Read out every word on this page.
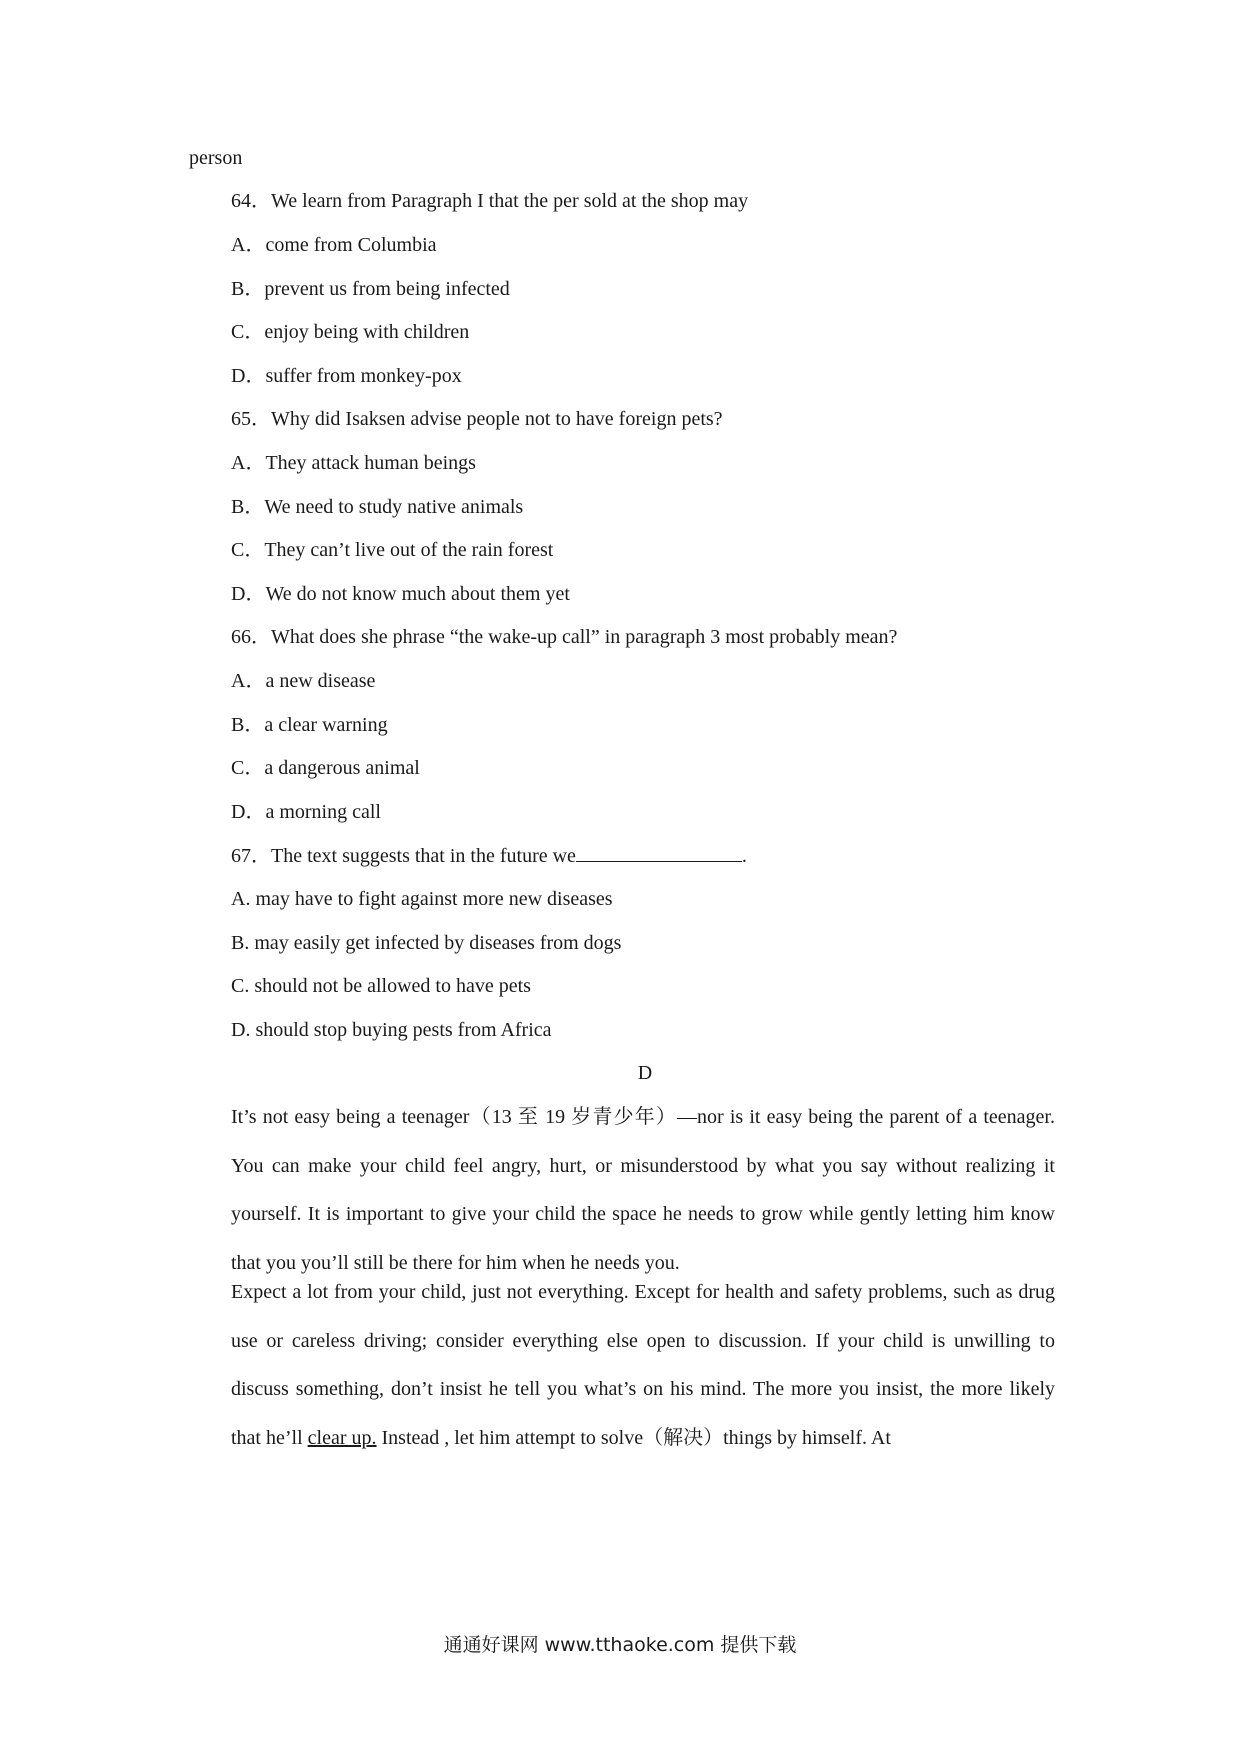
person
64．We learn from Paragraph I that the per sold at the shop may
A．come from Columbia
B．prevent us from being infected
C．enjoy being with children
D．suffer from monkey-pox
65．Why did Isaksen advise people not to have foreign pets?
A．They attack human beings
B．We need to study native animals
C．They can’t live out of the rain forest
D．We do not know much about them yet
66．What does she phrase “the wake-up call” in paragraph 3 most probably mean?
A．a new disease
B．a clear warning
C．a dangerous animal
D．a morning call
67．The text suggests that in the future we	.
A. may have to fight against more new diseases
B. may easily get infected by diseases from dogs
C. should not be allowed to have pets
D. should stop buying pests from Africa
D
It’s not easy being a teenager（13 至 19 岁青少年）—nor is it easy being the parent of a teenager. You can make your child feel angry, hurt, or misunderstood by what you say without realizing it yourself. It is important to give your child the space he needs to grow while gently letting him know that you you’ll still be there for him when he needs you.
Expect a lot from your child, just not everything. Except for health and safety problems, such as drug use or careless driving; consider everything else open to discussion. If your child is unwilling to discuss something, don’t insist he tell you what’s on his mind. The more you insist, the more likely that he’ll clear up. Instead , let him attempt to solve（解决）things by himself. At
通通好课网 www.tthaoke.com 提供下载
